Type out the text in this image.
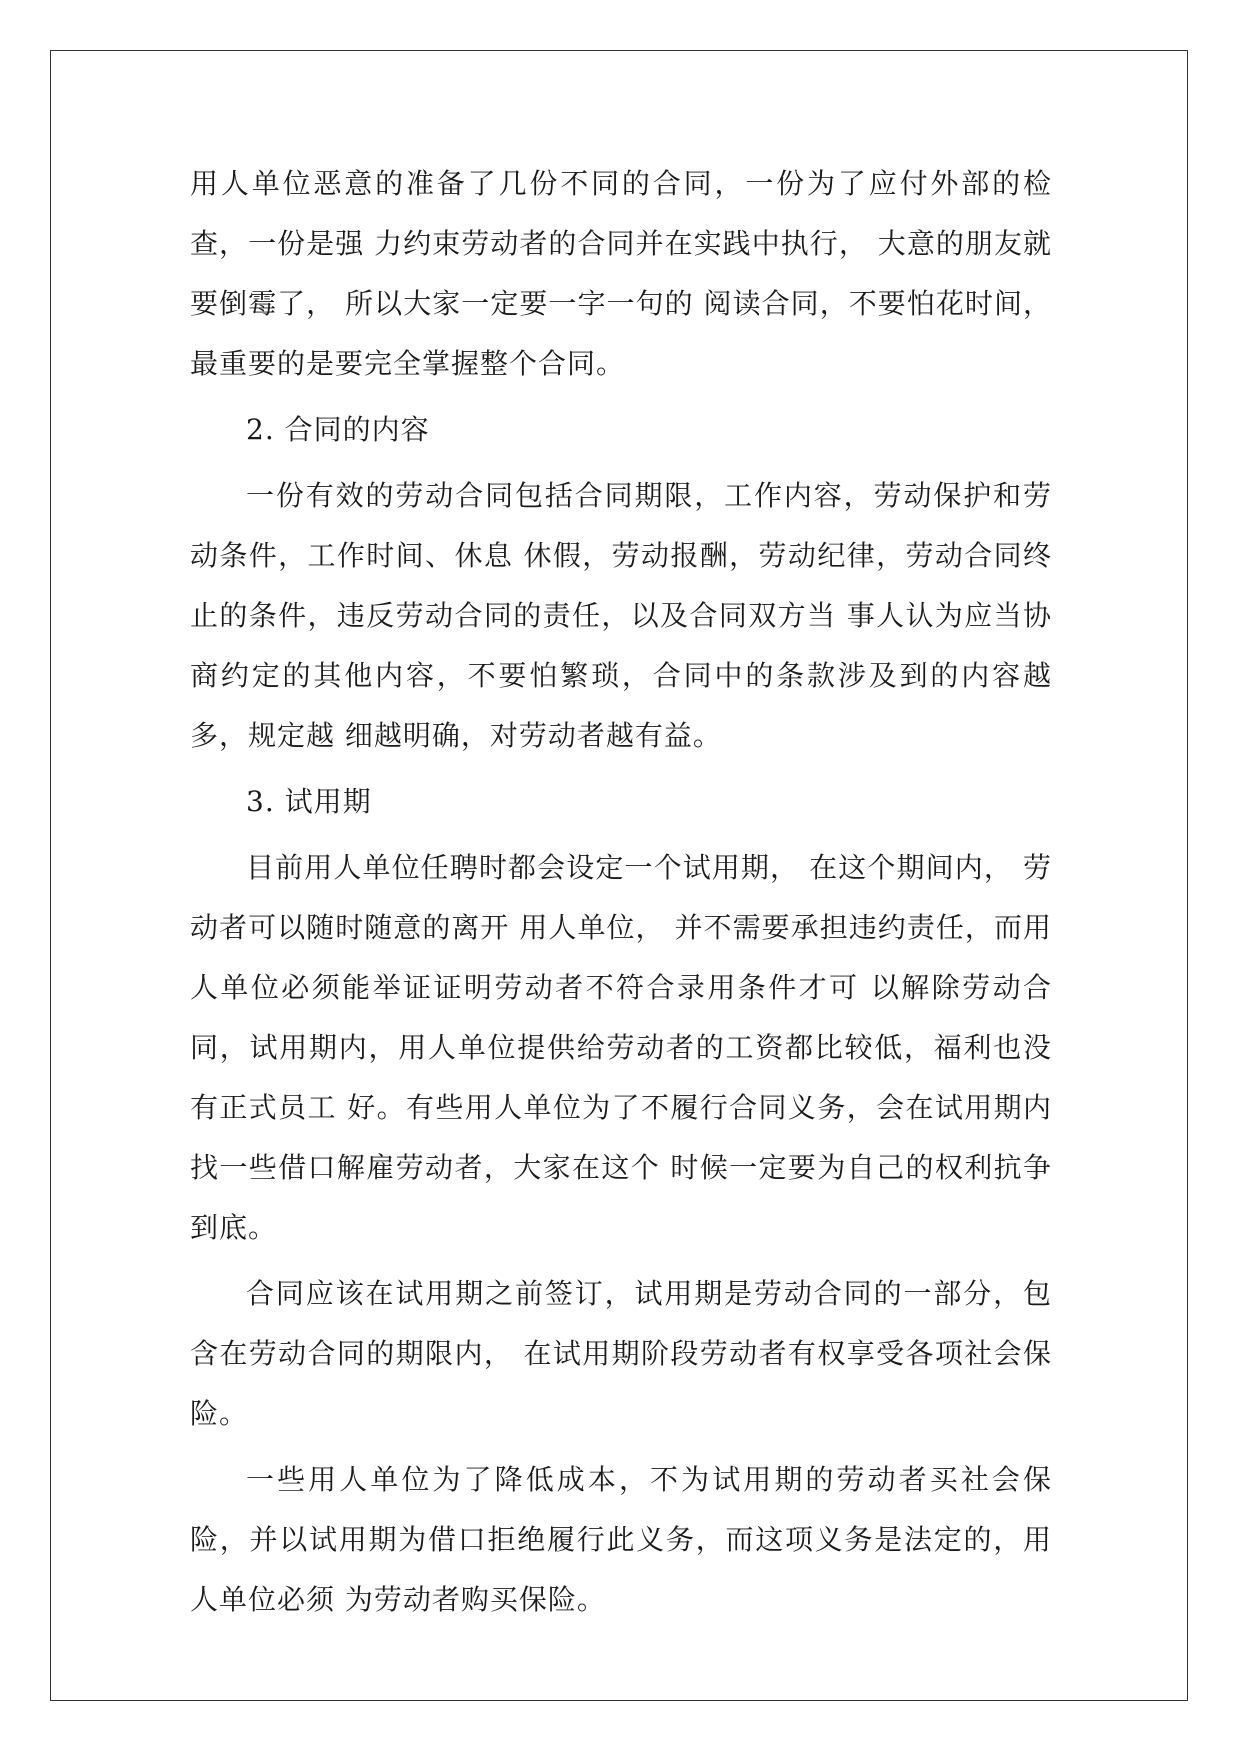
用人单位恶意的准备了几份不同的合同，一份为了应付外部的检查，一份是强 力约束劳动者的合同并在实践中执行， 大意的朋友就要倒霉了， 所以大家一定要一字一句的 阅读合同，不要怕花时间，最重要的是要完全掌握整个合同。

2. 合同的内容

一份有效的劳动合同包括合同期限，工作内容，劳动保护和劳动条件，工作时间、休息 休假，劳动报酬，劳动纪律，劳动合同终止的条件，违反劳动合同的责任，以及合同双方当 事人认为应当协商约定的其他内容，不要怕繁琐，合同中的条款涉及到的内容越多，规定越 细越明确，对劳动者越有益。

3. 试用期

目前用人单位任聘时都会设定一个试用期， 在这个期间内， 劳动者可以随时随意的离开 用人单位， 并不需要承担违约责任，而用人单位必须能举证证明劳动者不符合录用条件才可 以解除劳动合同，试用期内，用人单位提供给劳动者的工资都比较低，福利也没有正式员工 好。有些用人单位为了不履行合同义务，会在试用期内找一些借口解雇劳动者，大家在这个 时候一定要为自己的权利抗争到底。

合同应该在试用期之前签订，试用期是劳动合同的一部分，包含在劳动合同的期限内， 在试用期阶段劳动者有权享受各项社会保险。

一些用人单位为了降低成本，不为试用期的劳动者买社会保险，并以试用期为借口拒绝履行此义务，而这项义务是法定的，用人单位必须 为劳动者购买保险。
